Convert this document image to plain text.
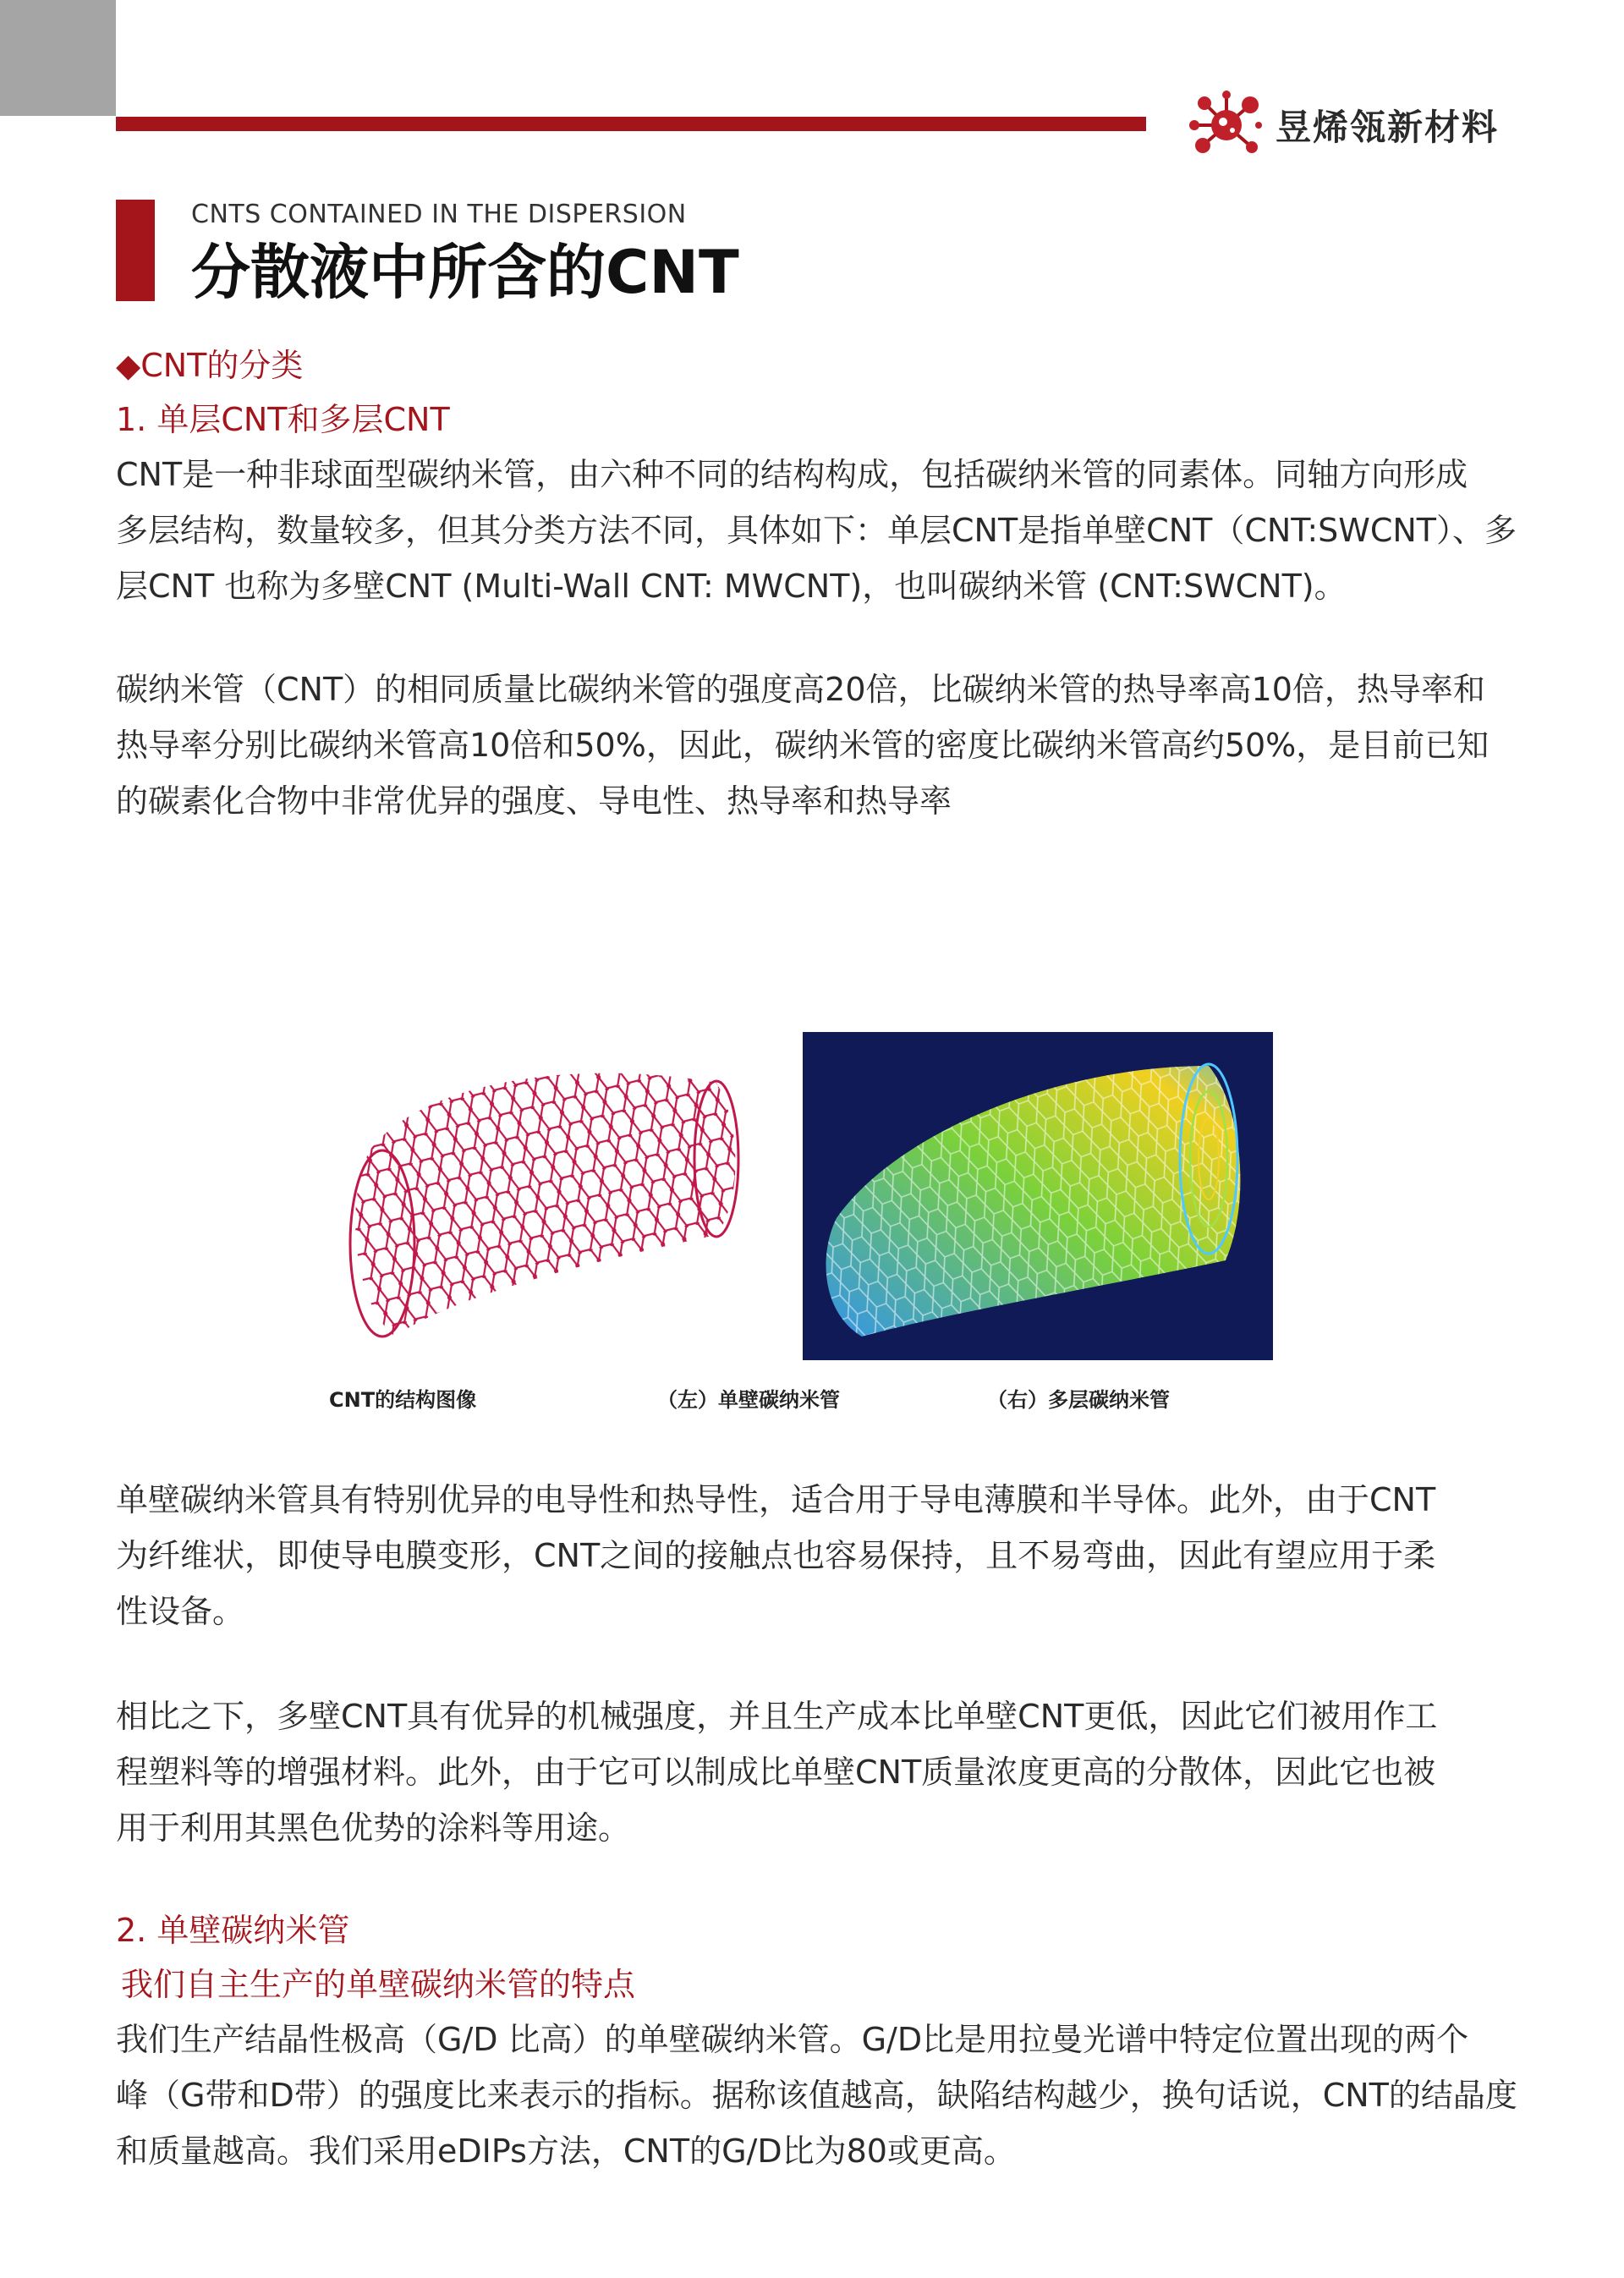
昱烯瓴新材料
CNTS CONTAINED IN THE DISPERSION
分散液中所含的CNT

◆CNT的分类

1. 单层CNT和多层CNT

CNT是一种非球面型碳纳米管，由六种不同的结构构成，包括碳纳米管的同素体。同轴方向形成

多层结构，数量较多，但其分类方法不同，具体如下：单层CNT是指单壁CNT（CNT:SWCNT）、多

层CNT 也称为多壁CNT (Multi-Wall CNT: MWCNT)，也叫碳纳米管 (CNT:SWCNT)。

碳纳米管（CNT）的相同质量比碳纳米管的强度高20倍，比碳纳米管的热导率高10倍，热导率和

热导率分别比碳纳米管高10倍和50%，因此，碳纳米管的密度比碳纳米管高约50%，是目前已知

的碳素化合物中非常优异的强度、导电性、热导率和热导率

CNT的结构图像	（左）单壁碳纳米管	（右）多层碳纳米管

单壁碳纳米管具有特别优异的电导性和热导性，适合用于导电薄膜和半导体。此外，由于CNT

为纤维状，即使导电膜变形，CNT之间的接触点也容易保持，且不易弯曲，因此有望应用于柔

性设备。

相比之下，多壁CNT具有优异的机械强度，并且生产成本比单壁CNT更低，因此它们被用作工

程塑料等的增强材料。此外，由于它可以制成比单壁CNT质量浓度更高的分散体，因此它也被

用于利用其黑色优势的涂料等用途。

2. 单壁碳纳米管

我们自主生产的单壁碳纳米管的特点

我们生产结晶性极高（G/D 比高）的单壁碳纳米管。G/D比是用拉曼光谱中特定位置出现的两个

峰（G带和D带）的强度比来表示的指标。据称该值越高，缺陷结构越少，换句话说，CNT的结晶度

和质量越高。我们采用eDIPs方法，CNT的G/D比为80或更高。
